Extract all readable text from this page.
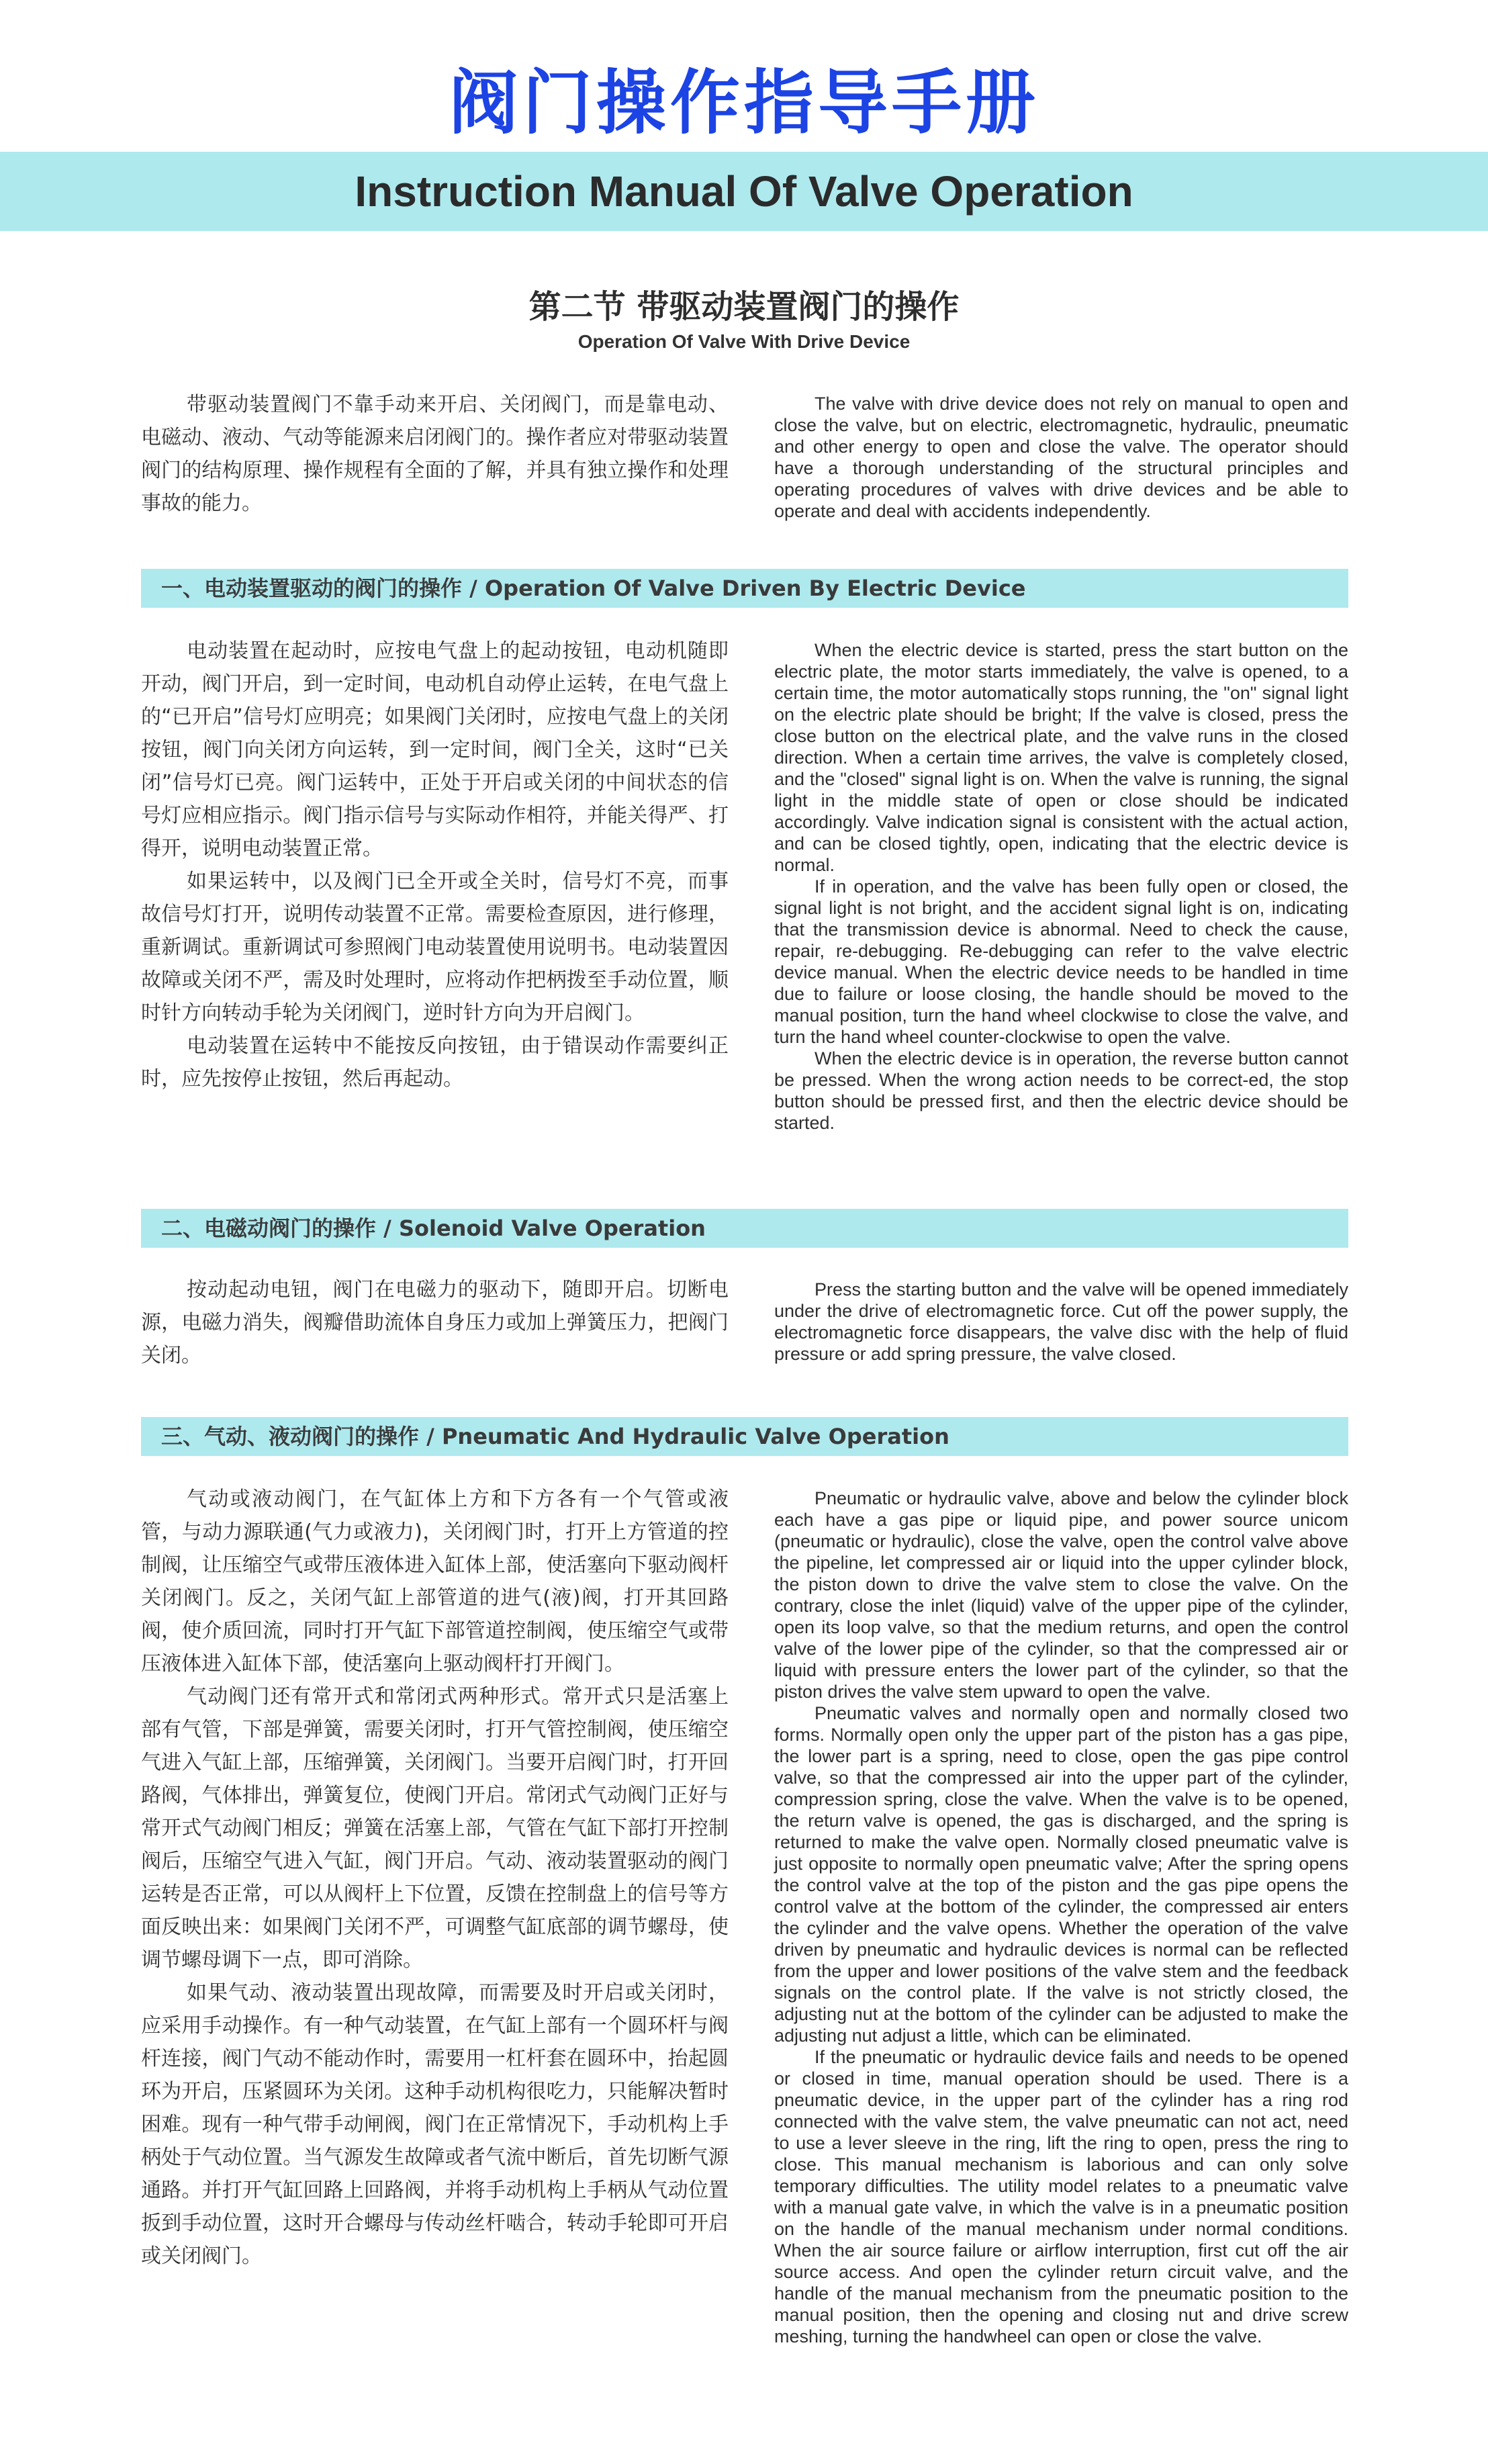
阀门操作指导手册
Instruction Manual Of Valve Operation
第二节 带驱动装置阀门的操作
Operation Of Valve With Drive Device

带驱动装置阀门不靠手动来开启、关闭阀门，而是靠电动、电磁动、液动、气动等能源来启闭阀门的。操作者应对带驱动装置阀门的结构原理、操作规程有全面的了解，并具有独立操作和处理事故的能力。

The valve with drive device does not rely on manual to open and close the valve, but on electric, electromagnetic, hydraulic, pneumatic and other energy to open and close the valve. The operator should have a thorough understanding of the structural principles and operating procedures of valves with drive devices and be able to operate and deal with accidents independently.

一、电动装置驱动的阀门的操作 / Operation Of Valve Driven By Electric Device

电动装置在起动时，应按电气盘上的起动按钮，电动机随即开动，阀门开启，到一定时间，电动机自动停止运转，在电气盘上的“已开启”信号灯应明亮；如果阀门关闭时，应按电气盘上的关闭按钮，阀门向关闭方向运转，到一定时间，阀门全关，这时“已关闭”信号灯已亮。阀门运转中，正处于开启或关闭的中间状态的信号灯应相应指示。阀门指示信号与实际动作相符，并能关得严、打得开，说明电动装置正常。

如果运转中，以及阀门已全开或全关时，信号灯不亮，而事故信号灯打开，说明传动装置不正常。需要检查原因，进行修理，重新调试。重新调试可参照阀门电动装置使用说明书。电动装置因故障或关闭不严，需及时处理时，应将动作把柄拨至手动位置，顺时针方向转动手轮为关闭阀门，逆时针方向为开启阀门。

电动装置在运转中不能按反向按钮，由于错误动作需要纠正时，应先按停止按钮，然后再起动。

When the electric device is started, press the start button on the electric plate, the motor starts immediately, the valve is opened, to a certain time, the motor automatically stops running, the "on" signal light on the electric plate should be bright; If the valve is closed, press the close button on the electrical plate, and the valve runs in the closed direction. When a certain time arrives, the valve is completely closed, and the "closed" signal light is on. When the valve is running, the signal light in the middle state of open or close should be indicated accordingly. Valve indication signal is consistent with the actual action, and can be closed tightly, open, indicating that the electric device is normal.

If in operation, and the valve has been fully open or closed, the signal light is not bright, and the accident signal light is on, indicating that the transmission device is abnormal. Need to check the cause, repair, re-debugging. Re-debugging can refer to the valve electric device manual. When the electric device needs to be handled in time due to failure or loose closing, the handle should be moved to the manual position, turn the hand wheel clockwise to close the valve, and turn the hand wheel counter-clockwise to open the valve.

When the electric device is in operation, the reverse button cannot be pressed. When the wrong action needs to be correct-ed, the stop button should be pressed first, and then the electric device should be started.

二、电磁动阀门的操作 / Solenoid Valve Operation

按动起动电钮，阀门在电磁力的驱动下，随即开启。切断电源，电磁力消失，阀瓣借助流体自身压力或加上弹簧压力，把阀门关闭。

Press the starting button and the valve will be opened immediately under the drive of electromagnetic force. Cut off the power supply, the electromagnetic force disappears, the valve disc with the help of fluid pressure or add spring pressure, the valve closed.

三、气动、液动阀门的操作 / Pneumatic And Hydraulic Valve Operation

气动或液动阀门，在气缸体上方和下方各有一个气管或液管，与动力源联通(气力或液力)，关闭阀门时，打开上方管道的控制阀，让压缩空气或带压液体进入缸体上部，使活塞向下驱动阀杆关闭阀门。反之，关闭气缸上部管道的进气(液)阀，打开其回路阀，使介质回流，同时打开气缸下部管道控制阀，使压缩空气或带压液体进入缸体下部，使活塞向上驱动阀杆打开阀门。

气动阀门还有常开式和常闭式两种形式。常开式只是活塞上部有气管，下部是弹簧，需要关闭时，打开气管控制阀，使压缩空气进入气缸上部，压缩弹簧，关闭阀门。当要开启阀门时，打开回路阀，气体排出，弹簧复位，使阀门开启。常闭式气动阀门正好与常开式气动阀门相反；弹簧在活塞上部，气管在气缸下部打开控制阀后，压缩空气进入气缸，阀门开启。气动、液动装置驱动的阀门运转是否正常，可以从阀杆上下位置，反馈在控制盘上的信号等方面反映出来：如果阀门关闭不严，可调整气缸底部的调节螺母，使调节螺母调下一点，即可消除。

如果气动、液动装置出现故障，而需要及时开启或关闭时，应采用手动操作。有一种气动装置，在气缸上部有一个圆环杆与阀杆连接，阀门气动不能动作时，需要用一杠杆套在圆环中，抬起圆环为开启，压紧圆环为关闭。这种手动机构很吃力，只能解决暂时困难。现有一种气带手动闸阀，阀门在正常情况下，手动机构上手柄处于气动位置。当气源发生故障或者气流中断后，首先切断气源通路。并打开气缸回路上回路阀，并将手动机构上手柄从气动位置扳到手动位置，这时开合螺母与传动丝杆啮合，转动手轮即可开启或关闭阀门。

Pneumatic or hydraulic valve, above and below the cylinder block each have a gas pipe or liquid pipe, and power source unicom (pneumatic or hydraulic), close the valve, open the control valve above the pipeline, let compressed air or liquid into the upper cylinder block, the piston down to drive the valve stem to close the valve. On the contrary, close the inlet (liquid) valve of the upper pipe of the cylinder, open its loop valve, so that the medium returns, and open the control valve of the lower pipe of the cylinder, so that the compressed air or liquid with pressure enters the lower part of the cylinder, so that the piston drives the valve stem upward to open the valve.

Pneumatic valves and normally open and normally closed two forms. Normally open only the upper part of the piston has a gas pipe, the lower part is a spring, need to close, open the gas pipe control valve, so that the compressed air into the upper part of the cylinder, compression spring, close the valve. When the valve is to be opened, the return valve is opened, the gas is discharged, and the spring is returned to make the valve open. Normally closed pneumatic valve is just opposite to normally open pneumatic valve; After the spring opens the control valve at the top of the piston and the gas pipe opens the control valve at the bottom of the cylinder, the compressed air enters the cylinder and the valve opens. Whether the operation of the valve driven by pneumatic and hydraulic devices is normal can be reflected from the upper and lower positions of the valve stem and the feedback signals on the control plate. If the valve is not strictly closed, the adjusting nut at the bottom of the cylinder can be adjusted to make the adjusting nut adjust a little, which can be eliminated.

If the pneumatic or hydraulic device fails and needs to be opened or closed in time, manual operation should be used. There is a pneumatic device, in the upper part of the cylinder has a ring rod connected with the valve stem, the valve pneumatic can not act, need to use a lever sleeve in the ring, lift the ring to open, press the ring to close. This manual mechanism is laborious and can only solve temporary difficulties. The utility model relates to a pneumatic valve with a manual gate valve, in which the valve is in a pneumatic position on the handle of the manual mechanism under normal conditions. When the air source failure or airflow interruption, first cut off the air source access. And open the cylinder return circuit valve, and the handle of the manual mechanism from the pneumatic position to the manual position, then the opening and closing nut and drive screw meshing, turning the handwheel can open or close the valve.
